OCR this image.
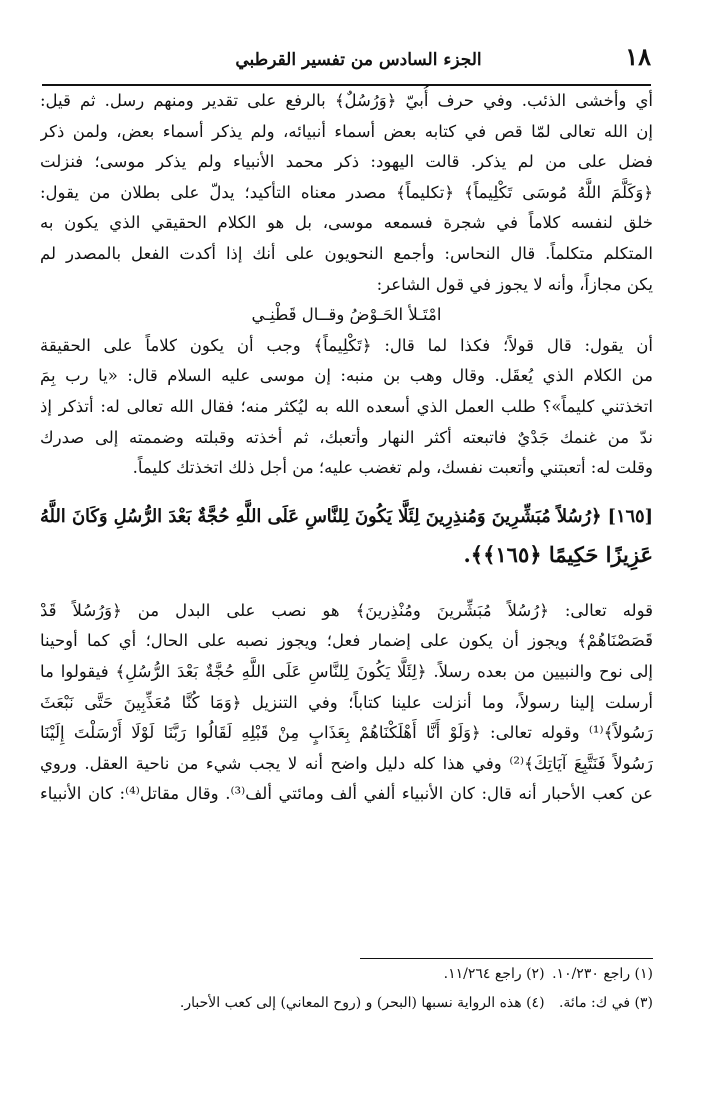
١٨
الجزء السادس من تفسير القرطبي
أي وأخشى الذئب. وفي حرف أُبيّ ﴿وَرُسُلٌ﴾ بالرفع على تقدير ومنهم رسل. ثم قيل:
إن الله تعالى لمّا قص في كتابه بعض أسماء أنبيائه، ولم يذكر أسماء بعض، ولمن ذكر
فضل على من لم يذكر. قالت اليهود: ذكر محمد الأنبياء ولم يذكر موسى؛ فنزلت
﴿وَكَلَّمَ اللَّهُ مُوسَى تَكْلِيماً﴾ ﴿تكليماً﴾ مصدر معناه التأكيد؛ يدلّ على بطلان من يقول:
خلق لنفسه كلاماً في شجرة فسمعه موسى، بل هو الكلام الحقيقي الذي يكون به
المتكلم متكلماً. قال النحاس: وأجمع النحويون على أنك إذا أكدت الفعل بالمصدر لم
يكن مجازاً، وأنه لا يجوز في قول الشاعر:
امْتَـلأ الحَـوْضُ وقــال قَطْنِـي
أن يقول: قال قولاً؛ فكذا لما قال: ﴿تَكْلِيماً﴾ وجب أن يكون كلاماً على الحقيقة
من الكلام الذي يُعقَل. وقال وهب بن منبه: إن موسى عليه السلام قال: «يا رب بِمَ
اتخذتني كليماً»؟ طلب العمل الذي أسعده الله به ليُكثر منه؛ فقال الله تعالى له: أتذكر إذ
ندّ من غنمك جَدْيٌ فاتبعته أكثر النهار وأتعبك، ثم أخذته وقبلته وضممته إلى صدرك
وقلت له: أتعبتني وأتعبت نفسك، ولم تغضب عليه؛ من أجل ذلك اتخذتك كليماً.
[١٦٥] ﴿رُسُلاً مُبَشِّرِينَ وَمُنذِرِينَ لِئَلَّا يَكُونَ لِلنَّاسِ عَلَى اللَّهِ حُجَّةٌ بَعْدَ الرُّسُلِ وَكَانَ اللَّهُ
عَزِيزًا حَكِيمًا ﴿١٦٥﴾﴾.
قوله تعالى: ﴿رُسُلاً مُبَشِّرينَ ومُنْذِرينَ﴾ هو نصب على البدل من ﴿وَرُسُلاً قَدْ
قَصَصْنَاهُمْ﴾ ويجوز أن يكون على إضمار فعل؛ ويجوز نصبه على الحال؛ أي كما أوحينا
إلى نوح والنبيين من بعده رسلاً. ﴿لِئَلَّا يَكُونَ لِلنَّاسِ عَلَى اللَّهِ حُجَّةٌ بَعْدَ الرُّسُلِ﴾ فيقولوا ما
أرسلت إلينا رسولاً، وما أنزلت علينا كتاباً؛ وفي التنزيل ﴿وَمَا كُنَّا مُعَذِّبِينَ حَتَّى نَبْعَثَ
رَسُولاً﴾⁽¹⁾ وقوله تعالى: ﴿وَلَوْ أَنَّا أَهْلَكْنَاهُمْ بِعَذَابٍ مِنْ قَبْلِهِ لَقَالُوا رَبَّنَا لَوْلَا أَرْسَلْتَ إِلَيْنَا
رَسُولاً فَنَتَّبِعَ آيَاتِكَ﴾⁽²⁾ وفي هذا كله دليل واضح أنه لا يجب شيء من ناحية العقل. وروي
عن كعب الأحبار أنه قال: كان الأنبياء ألفي ألف ومائتي ألف⁽³⁾. وقال مقاتل⁽⁴⁾: كان الأنبياء
(١) راجع ١٠/٢٣٠. (٢) راجع ١١/٢٦٤.
(٣) في ك: مائة. (٤) هذه الرواية نسبها (البحر) و (روح المعاني) إلى كعب الأحبار.
